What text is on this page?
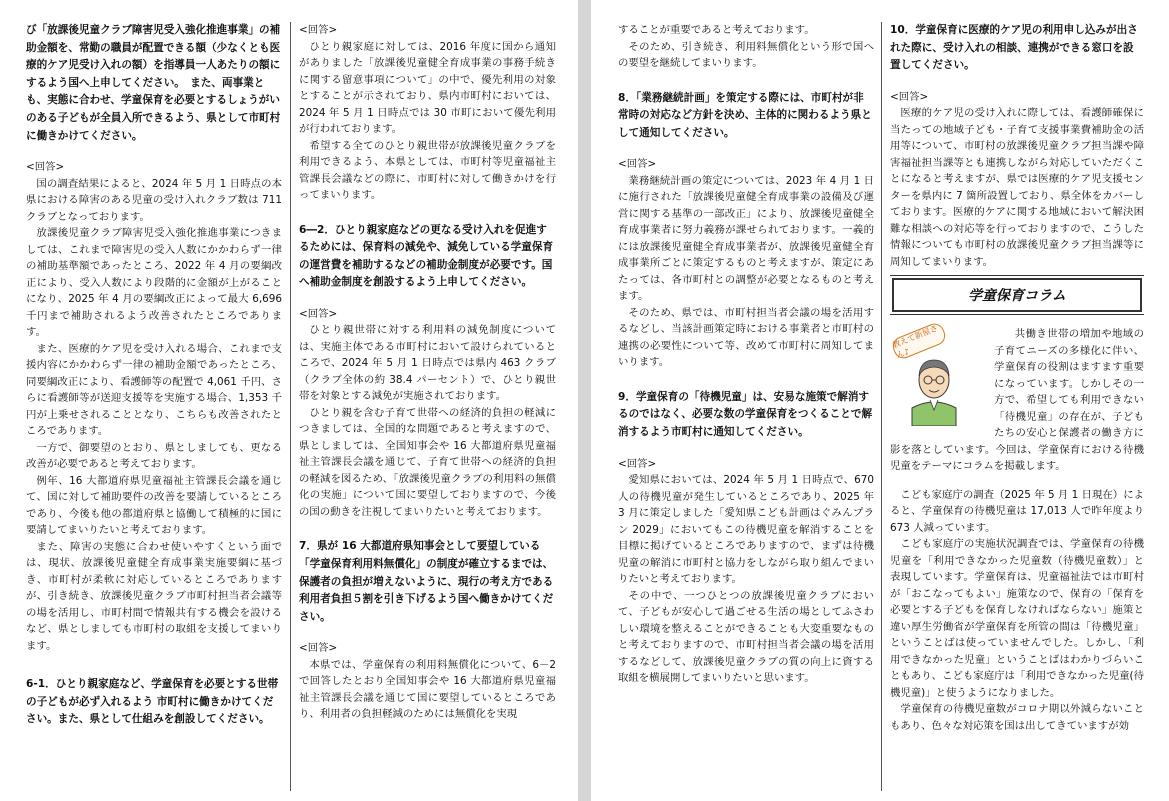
び「放課後児童クラブ障害児受入強化推進事業」の補助金額を、常勤の職員が配置できる額（少なくとも医療的ケア児受け入れの額）を指導員一人あたりの額にするよう国へ上申してください。　また、両事業とも、実態に合わせ、学童保育を必要とするしょうがいのある子どもが全員入所できるよう、県として市町村に働きかけてください。

<回答>

国の調査結果によると、2024 年 5 月 1 日時点の本県における障害のある児童の受け入れクラブ数は 711 クラブとなっております。

放課後児童クラブ障害児受入強化推進事業につきましては、これまで障害児の受入人数にかかわらず一律の補助基準額であったところ、2022 年 4 月の要綱改正により、受入人数により段階的に金額が上がることになり、2025 年 4 月の要綱改正によって最大 6,696 千円まで補助されるよう改善されたところであります。

また、医療的ケア児を受け入れる場合、これまで支援内容にかかわらず一律の補助金額であったところ、同要綱改正により、看護師等の配置で 4,061 千円、さらに看護師等が送迎支援等を実施する場合、1,353 千円が上乗せされることとなり、こちらも改善されたところであります。

一方で、御要望のとおり、県としましても、更なる改善が必要であると考えております。

例年、16 大都道府県児童福祉主管課長会議を通じて、国に対して補助要件の改善を要請しているところであり、今後も他の都道府県と協働して積極的に国に要請してまいりたいと考えております。

また、障害の実態に合わせ使いやすくという面では、現状、放課後児童健全育成事業実施要綱に基づき、市町村が柔軟に対応しているところでありますが、引き続き、放課後児童クラブ市町村担当者会議等の場を活用し、市町村間で情報共有する機会を設けるなど、県としましても市町村の取組を支援してまいります。

6-1．ひとり親家庭など、学童保育を必要とする世帯の子どもが必ず入れるよう 市町村に働きかけてください。また、県として仕組みを創設してください。

<回答>

ひとり親家庭に対しては、2016 年度に国から通知がありました「放課後児童健全育成事業の事務手続きに関する留意事項について」の中で、優先利用の対象とすることが示されており、県内市町村においては、2024 年 5 月 1 日時点では 30 市町において優先利用が行われております。

希望する全てのひとり親世帯が放課後児童クラブを利用できるよう、本県としては、市町村等児童福祉主管課長会議などの際に、市町村に対して働きかけを行ってまいります。

6―2．ひとり親家庭などの更なる受け入れを促進するためには、保育料の減免や、減免している学童保育の運営費を補助するなどの補助金制度が必要です。国へ補助金制度を創設するよう上申してください。

<回答>

ひとり親世帯に対する利用料の減免制度については、実施主体である市町村において設けられているところで、2024 年 5 月 1 日時点では県内 463 クラブ（クラブ全体の約 38.4 パーセント）で、ひとり親世帯を対象とする減免が実施されております。

ひとり親を含む子育て世帯への経済的負担の軽減につきましては、全国的な問題であると考えますので、県としましては、全国知事会や 16 大都道府県児童福祉主管課長会議を通じて、子育て世帯への経済的負担の軽減を図るため、「放課後児童クラブの利用料の無償化の実施」について国に要望しておりますので、今後の国の動きを注視してまいりたいと考えております。

7．県が 16 大都道府県知事会として要望している「学童保育利用料無償化」の制度が確立するまでは、保護者の負担が増えないように、現行の考え方である利用者負担５割を引き下げるよう国へ働きかけてください。

<回答>

本県では、学童保育の利用料無償化について、6－2で回答したとおり全国知事会や 16 大都道府県児童福祉主管課長会議を通じて国に要望しているところであり、利用者の負担軽減のためには無償化を実現

することが重要であると考えております。

そのため、引き続き、利用料無償化という形で国への要望を継続してまいります。

8．「業務継続計画」を策定する際には、市町村が非常時の対応など方針を決め、主体的に関わるよう県として通知してください。

<回答>

業務継続計画の策定については、2023 年 4 月 1 日に施行された「放課後児童健全育成事業の設備及び運営に関する基準の一部改正」により、放課後児童健全育成事業者に努力義務が課せられております。一義的には放課後児童健全育成事業者が、放課後児童健全育成事業所ごとに策定するものと考えますが、策定にあたっては、各市町村との調整が必要となるものと考えます。

そのため、県では、市町村担当者会議の場を活用するなどし、当該計画策定時における事業者と市町村の連携の必要性について等、改めて市町村に周知してまいります。

9．学童保育の「待機児童」は、安易な施策で解消するのではなく、必要な数の学童保育をつくることで解消するよう市町村に通知してください。

<回答>

愛知県においては、2024 年 5 月 1 日時点で、670 人の待機児童が発生しているところであり、2025 年 3 月に策定しました「愛知県こども計画はぐみんプラン 2029」においてもこの待機児童を解消することを目標に掲げているところでありますので、まずは待機児童の解消に市町村と協力をしながら取り組んでまいりたいと考えております。

その中で、一つひとつの放課後児童クラブにおいて、子どもが安心して過ごせる生活の場としてふさわしい環境を整えることができることも大変重要なものと考えておりますので、市町村担当者会議の場を活用するなどして、放課後児童クラブの質の向上に資する取組を横展開してまいりたいと思います。

10．学童保育に医療的ケア児の利用申し込みが出された際に、受け入れの相談、連携ができる窓口を設置してください。

<回答>

医療的ケア児の受け入れに際しては、看護師確保に当たっての地域子ども・子育て支援事業費補助金の活用等について、市町村の放課後児童クラブ担当課や障害福祉担当課等とも連携しながら対応していただくことになると考えますが、県では医療的ケア児支援センターを県内に 7 箇所設置しており、県全体をカバーしております。医療的ケアに関する地域において解決困難な相談への対応等を行っておりますので、こうした情報についても市町村の放課後児童クラブ担当課等に周知してまいります。

学童保育コラム
教えて新屋さん♪

共働き世帯の増加や地域の子育てニーズの多様化に伴い、学童保育の役割はますます重要になっています。しかしその一方で、希望しても利用できない「待機児童」の存在が、子どもたちの安心と保護者の働き方に影を落としています。今回は、学童保育における待機児童をテーマにコラムを掲載します。

こども家庭庁の調査（2025 年 5 月 1 日現在）によると、学童保育の待機児童は 17,013 人で昨年度より 673 人減っています。

こども家庭庁の実施状況調査では、学童保育の待機児童を「利用できなかった児童数（待機児童数）」と表現しています。学童保育は、児童福祉法では市町村が「おこなってもよい」施策なので、保育の「保育を必要とする子どもを保育しなければならない」施策と違い厚生労働省が学童保育を所管の間は「待機児童」ということばは使っていませんでした。しかし、「利用できなかった児童」ということばはわかりづらいこともあり、こども家庭庁は「利用できなかった児童(待機児童)」と使うようになりました。

学童保育の待機児童数がコロナ期以外減らないこともあり、色々な対応策を国は出してきていますが効
